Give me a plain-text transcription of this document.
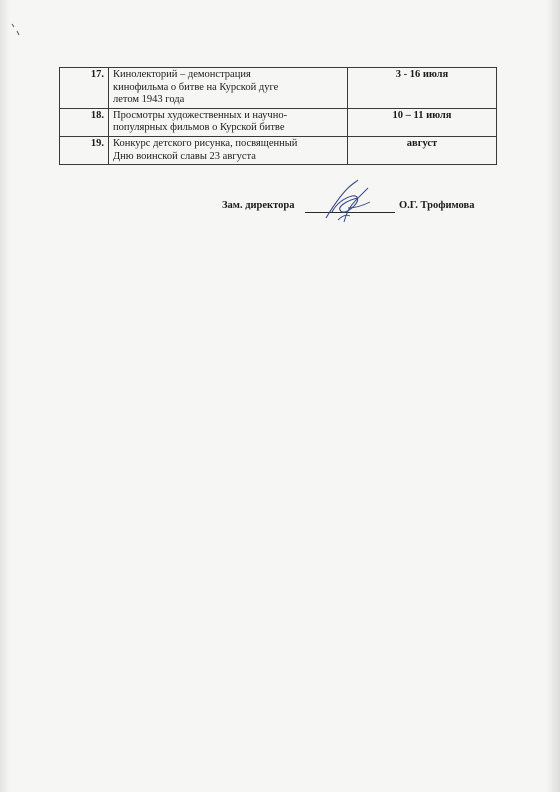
17.	Кинолекторий – демонстрация
кинофильма о битве на Курской дуге
летом 1943 года	3 - 16 июля
18.	Просмотры художественных и научно-
популярных фильмов о Курской битве	10 – 11 июля
19.	Конкурс детского рисунка, посвященный
Дню воинской славы 23 августа	август
Зам. директора	О.Г. Трофимова
